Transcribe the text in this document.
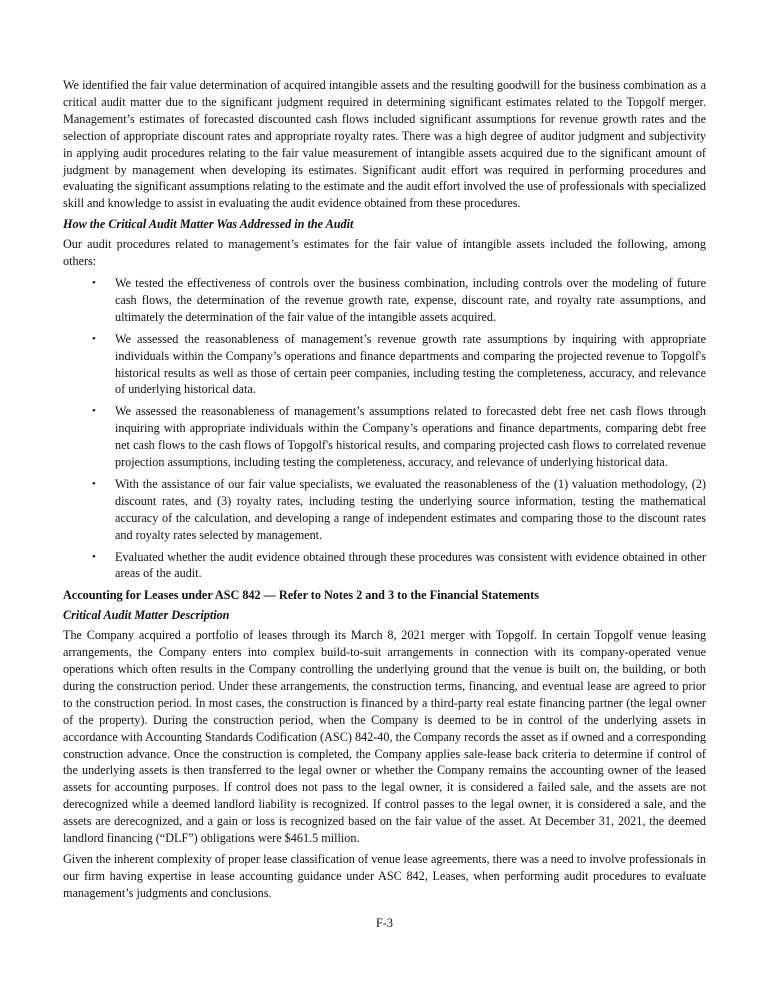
We identified the fair value determination of acquired intangible assets and the resulting goodwill for the business combination as a critical audit matter due to the significant judgment required in determining significant estimates related to the Topgolf merger. Management’s estimates of forecasted discounted cash flows included significant assumptions for revenue growth rates and the selection of appropriate discount rates and appropriate royalty rates. There was a high degree of auditor judgment and subjectivity in applying audit procedures relating to the fair value measurement of intangible assets acquired due to the significant amount of judgment by management when developing its estimates. Significant audit effort was required in performing procedures and evaluating the significant assumptions relating to the estimate and the audit effort involved the use of professionals with specialized skill and knowledge to assist in evaluating the audit evidence obtained from these procedures.

How the Critical Audit Matter Was Addressed in the Audit

Our audit procedures related to management’s estimates for the fair value of intangible assets included the following, among others:

•	We tested the effectiveness of controls over the business combination, including controls over the modeling of future cash flows, the determination of the revenue growth rate, expense, discount rate, and royalty rate assumptions, and ultimately the determination of the fair value of the intangible assets acquired.
•	We assessed the reasonableness of management’s revenue growth rate assumptions by inquiring with appropriate individuals within the Company’s operations and finance departments and comparing the projected revenue to Topgolf's historical results as well as those of certain peer companies, including testing the completeness, accuracy, and relevance of underlying historical data.
•	We assessed the reasonableness of management’s assumptions related to forecasted debt free net cash flows through inquiring with appropriate individuals within the Company’s operations and finance departments, comparing debt free net cash flows to the cash flows of Topgolf's historical results, and comparing projected cash flows to correlated revenue projection assumptions, including testing the completeness, accuracy, and relevance of underlying historical data.
•	With the assistance of our fair value specialists, we evaluated the reasonableness of the (1) valuation methodology, (2) discount rates, and (3) royalty rates, including testing the underlying source information, testing the mathematical accuracy of the calculation, and developing a range of independent estimates and comparing those to the discount rates and royalty rates selected by management.
•	Evaluated whether the audit evidence obtained through these procedures was consistent with evidence obtained in other areas of the audit.

Accounting for Leases under ASC 842 — Refer to Notes 2 and 3 to the Financial Statements

Critical Audit Matter Description

The Company acquired a portfolio of leases through its March 8, 2021 merger with Topgolf. In certain Topgolf venue leasing arrangements, the Company enters into complex build-to-suit arrangements in connection with its company-operated venue operations which often results in the Company controlling the underlying ground that the venue is built on, the building, or both during the construction period. Under these arrangements, the construction terms, financing, and eventual lease are agreed to prior to the construction period. In most cases, the construction is financed by a third-party real estate financing partner (the legal owner of the property). During the construction period, when the Company is deemed to be in control of the underlying assets in accordance with Accounting Standards Codification (ASC) 842-40, the Company records the asset as if owned and a corresponding construction advance. Once the construction is completed, the Company applies sale-lease back criteria to determine if control of the underlying assets is then transferred to the legal owner or whether the Company remains the accounting owner of the leased assets for accounting purposes. If control does not pass to the legal owner, it is considered a failed sale, and the assets are not derecognized while a deemed landlord liability is recognized. If control passes to the legal owner, it is considered a sale, and the assets are derecognized, and a gain or loss is recognized based on the fair value of the asset. At December 31, 2021, the deemed landlord financing (“DLF”) obligations were $461.5 million.

Given the inherent complexity of proper lease classification of venue lease agreements, there was a need to involve professionals in our firm having expertise in lease accounting guidance under ASC 842, Leases, when performing audit procedures to evaluate management’s judgments and conclusions.

F-3
